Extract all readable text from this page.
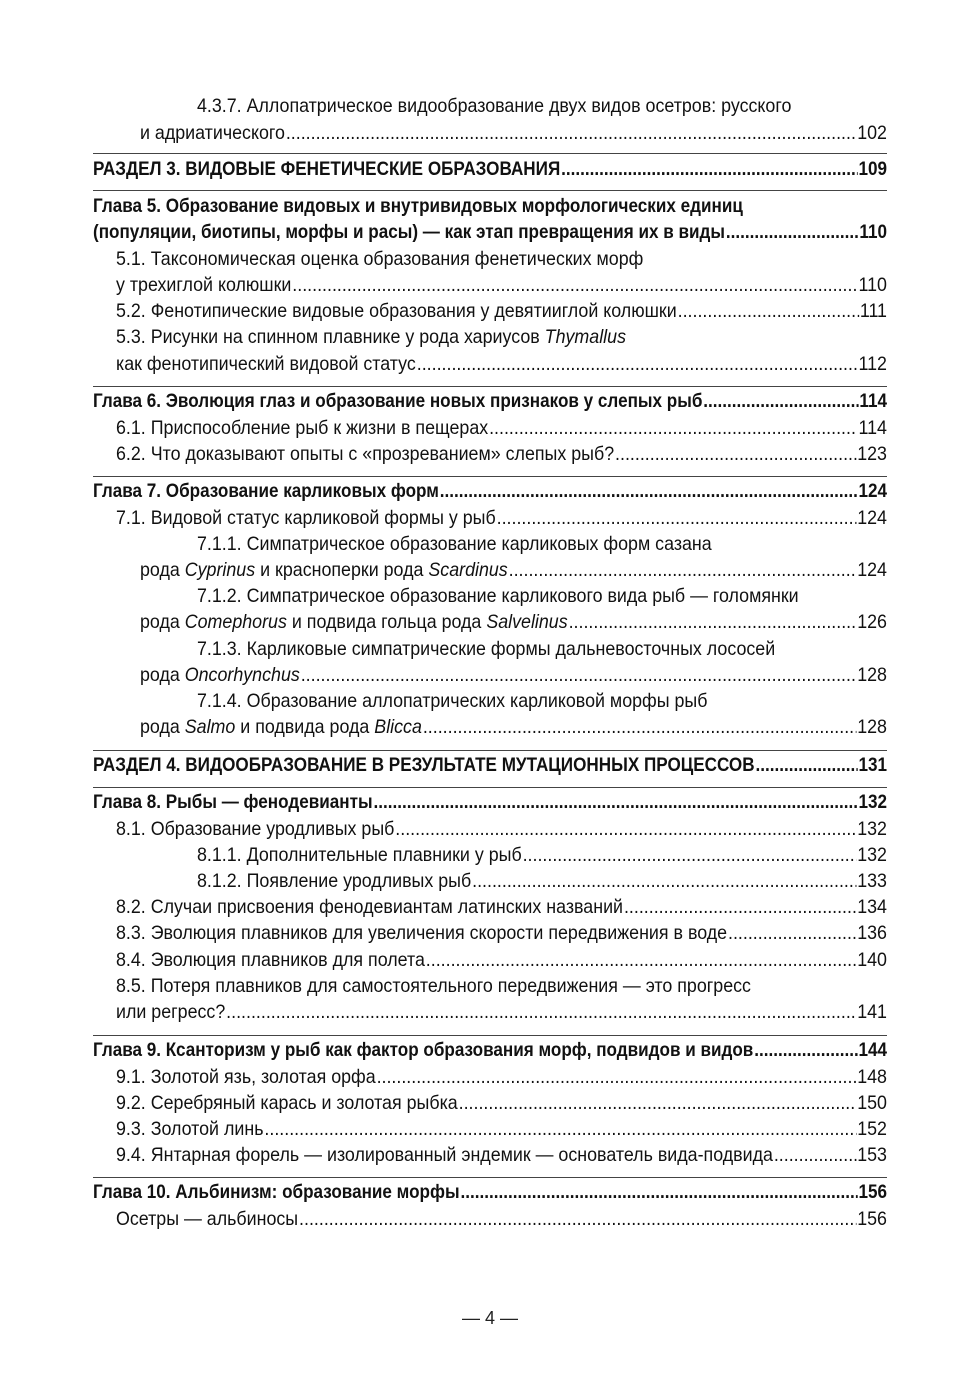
4.3.7. Аллопатрическое видообразование двух видов осетров: русского
и адриатического .....	102
РАЗДЕЛ 3. ВИДОВЫЕ ФЕНЕТИЧЕСКИЕ ОБРАЗОВАНИЯ .....	109
Глава 5. Образование видовых и внутривидовых морфологических единиц
(популяции, биотипы, морфы и расы) — как этап превращения их в виды .....	110
5.1. Таксономическая оценка образования фенетических морф
у трехиглой колюшки .....	110
5.2. Фенотипические видовые образования у девятииглой колюшки .....	111
5.3. Рисунки на спинном плавнике у рода хариусов Thymallus
как фенотипический видовой статус .....	112
Глава 6. Эволюция глаз и образование новых признаков у слепых рыб .....	114
6.1. Приспособление рыб к жизни в пещерах .....	114
6.2. Что доказывают опыты с «прозреванием» слепых рыб? .....	123
Глава 7. Образование карликовых форм .....	124
7.1. Видовой статус карликовой формы у рыб .....	124
7.1.1. Симпатрическое образование карликовых форм сазана
рода Cyprinus и красноперки рода Scardinus .....	124
7.1.2. Симпатрическое образование карликового вида рыб — голомянки
рода Comephorus и подвида гольца рода Salvelinus .....	126
7.1.3. Карликовые симпатрические формы дальневосточных лососей
рода Oncorhynchus .....	128
7.1.4. Образование аллопатрических карликовой морфы рыб
рода Salmo и подвида рода Blicca .....	128
РАЗДЕЛ 4. ВИДООБРАЗОВАНИЕ В РЕЗУЛЬТАТЕ МУТАЦИОННЫХ ПРОЦЕССОВ .....	131
Глава 8. Рыбы — фенодевианты .....	132
8.1. Образование уродливых рыб .....	132
8.1.1. Дополнительные плавники у рыб .....	132
8.1.2. Появление уродливых рыб .....	133
8.2. Случаи присвоения фенодевиантам латинских названий .....	134
8.3. Эволюция плавников для увеличения скорости передвижения в воде .....	136
8.4. Эволюция плавников для полета .....	140
8.5. Потеря плавников для самостоятельного передвижения — это прогресс
или регресс? .....	141
Глава 9. Ксанторизм у рыб как фактор образования морф, подвидов и видов .....	144
9.1. Золотой язь, золотая орфа .....	148
9.2. Серебряный карась и золотая рыбка .....	150
9.3. Золотой линь .....	152
9.4. Янтарная форель — изолированный эндемик — основатель вида-подвида .....	153
Глава 10. Альбинизм: образование морфы .....	156
Осетры — альбиносы .....	156
— 4 —
